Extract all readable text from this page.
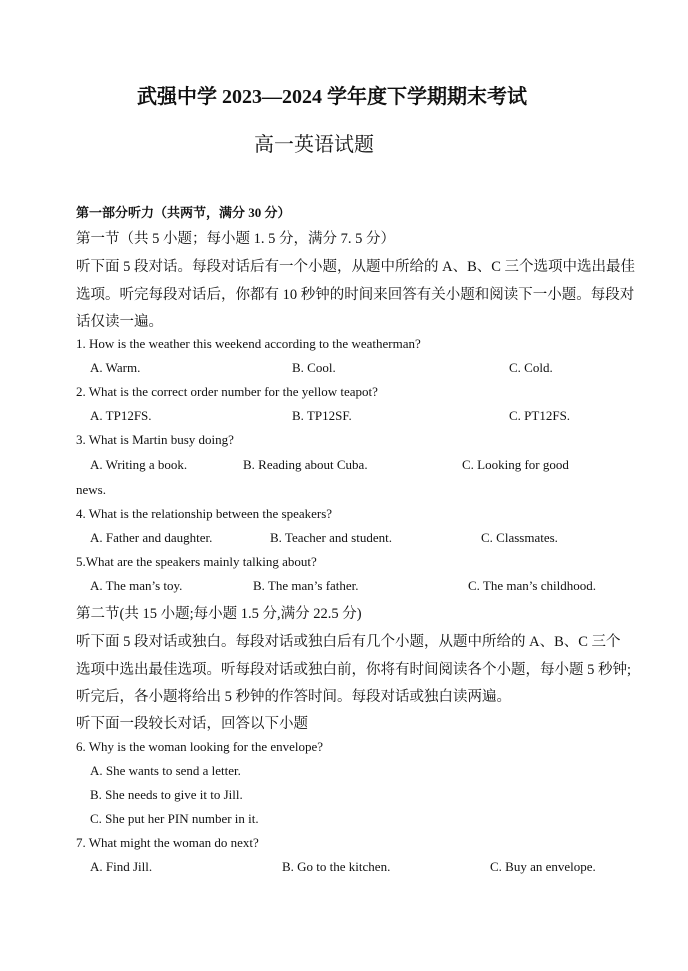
武强中学 2023—2024 学年度下学期期末考试
高一英语试题
第一部分听力（共两节，满分 30 分）
第一节（共 5 小题；每小题 1. 5 分，满分 7. 5 分）
听下面 5 段对话。每段对话后有一个小题，从题中所给的 A、B、C 三个选项中选出最佳
选项。听完每段对话后，你都有 10 秒钟的时间来回答有关小题和阅读下一小题。每段对
话仅读一遍。
1. How is the weather this weekend according to the weatherman?
A. Warm.	B. Cool.	C. Cold.
2. What is the correct order number for the yellow teapot?
A. TP12FS.	B. TP12SF.	C. PT12FS.
3. What is Martin busy doing?
A. Writing a book.	B. Reading about Cuba.	C. Looking for good
news.
4. What is the relationship between the speakers?
A. Father and daughter.	B. Teacher and student.	C. Classmates.
5.What are the speakers mainly talking about?
A. The man’s toy.	B. The man’s father.	C. The man’s childhood.
第二节(共 15 小题;每小题 1.5 分,满分 22.5 分)
听下面 5 段对话或独白。每段对话或独白后有几个小题，从题中所给的 A、B、C 三个
选项中选出最佳选项。听每段对话或独白前，你将有时间阅读各个小题，每小题 5 秒钟;
听完后，各小题将给出 5 秒钟的作答时间。每段对话或独白读两遍。
听下面一段较长对话，回答以下小题
6. Why is the woman looking for the envelope?
A. She wants to send a letter.
B. She needs to give it to Jill.
C. She put her PIN number in it.
7. What might the woman do next?
A. Find Jill.	B. Go to the kitchen.	C. Buy an envelope.
